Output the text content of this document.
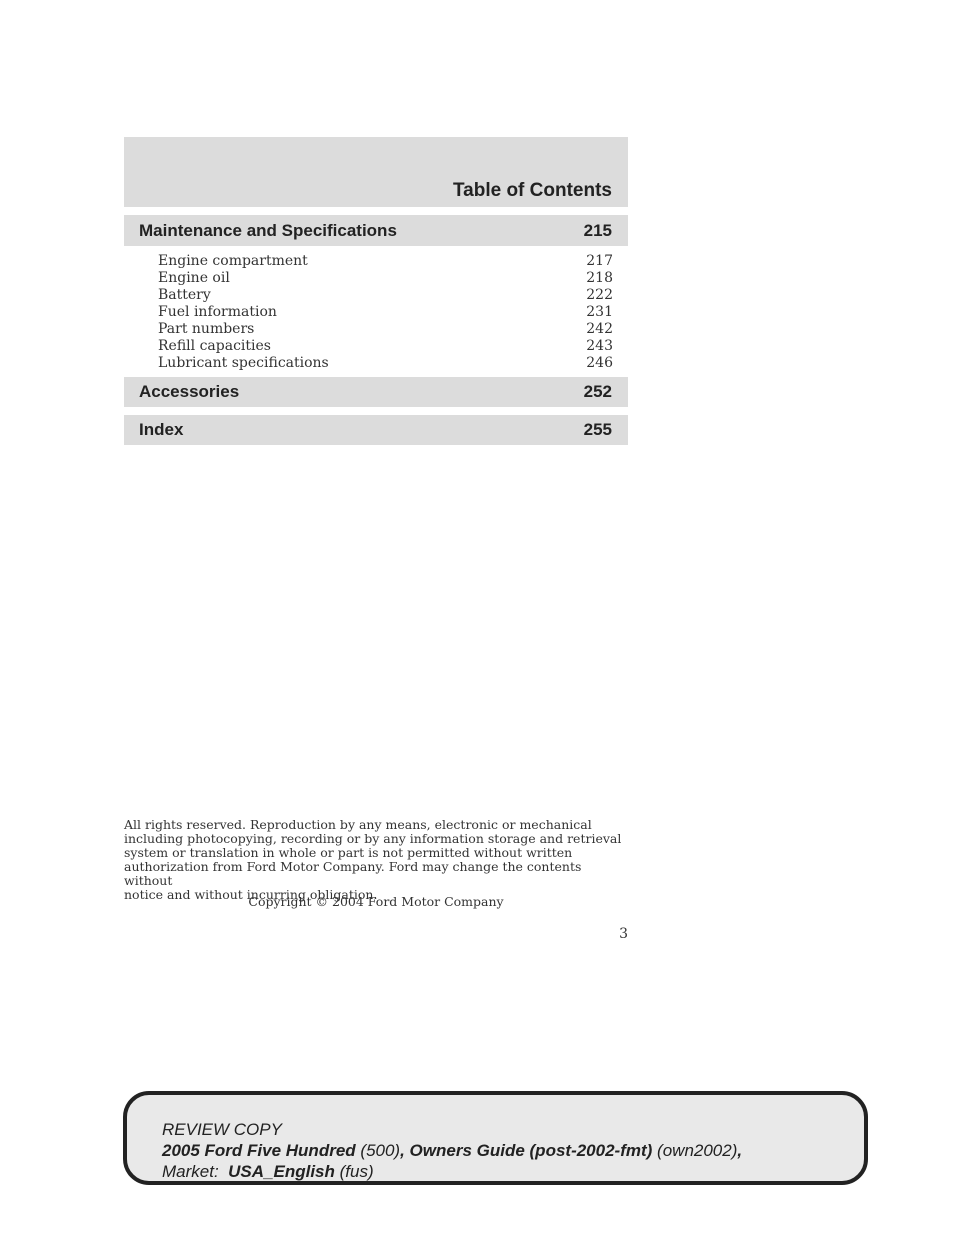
Table of Contents
Maintenance and Specifications	215
Engine compartment	217
Engine oil	218
Battery	222
Fuel information	231
Part numbers	242
Refill capacities	243
Lubricant specifications	246
Accessories	252
Index	255
All rights reserved. Reproduction by any means, electronic or mechanical
including photocopying, recording or by any information storage and retrieval
system or translation in whole or part is not permitted without written
authorization from Ford Motor Company. Ford may change the contents without
notice and without incurring obligation.
Copyright © 2004 Ford Motor Company
3
REVIEW COPY
2005 Ford Five Hundred (500), Owners Guide (post-2002-fmt) (own2002),
Market: USA_English (fus)
